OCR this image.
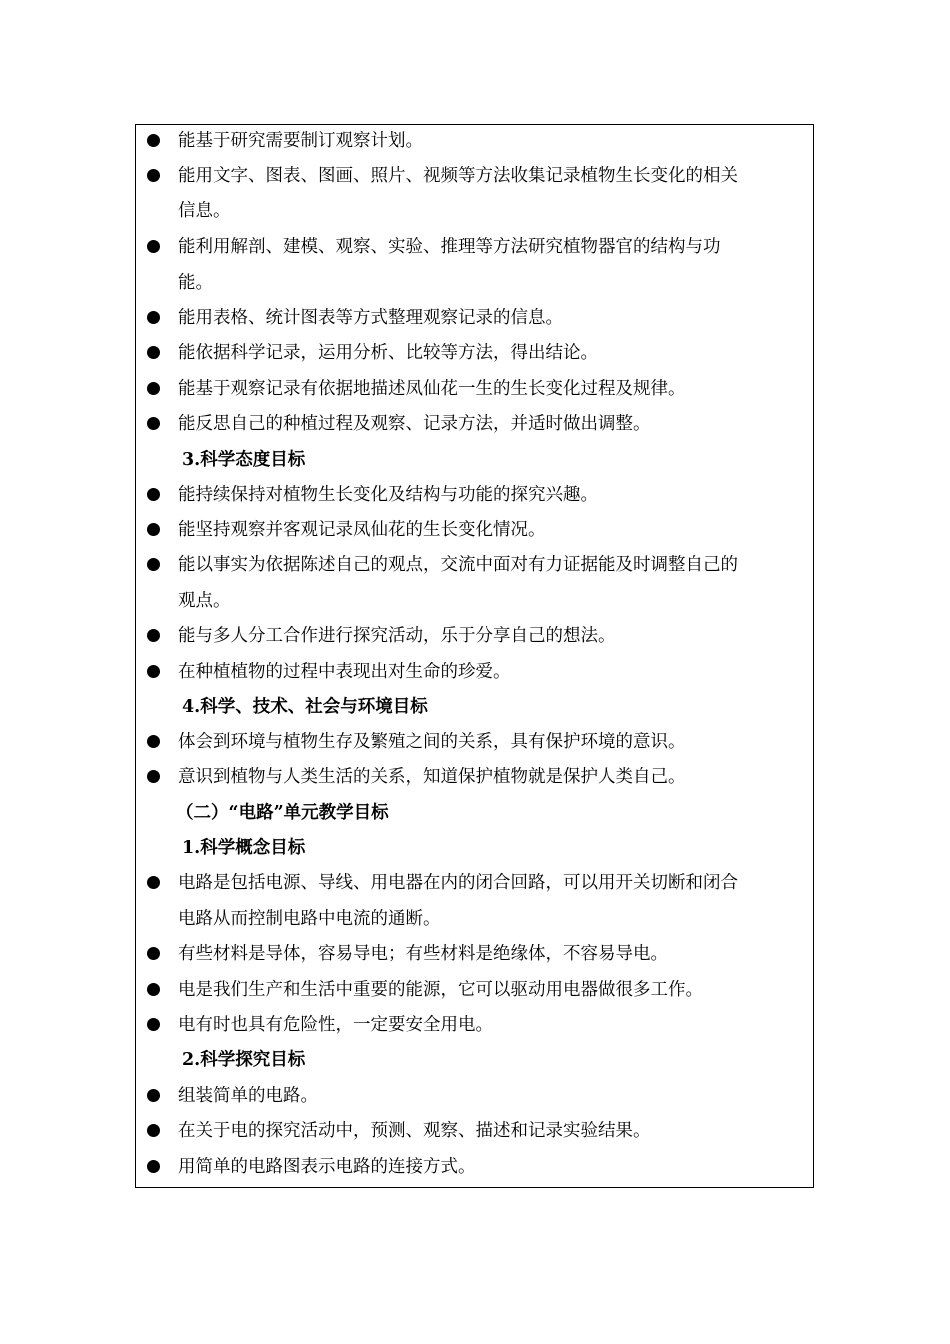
能基于研究需要制订观察计划。
能用文字、图表、图画、照片、视频等方法收集记录植物生长变化的相关
信息。
能利用解剖、建模、观察、实验、推理等方法研究植物器官的结构与功
能。
能用表格、统计图表等方式整理观察记录的信息。
能依据科学记录，运用分析、比较等方法，得出结论。
能基于观察记录有依据地描述凤仙花一生的生长变化过程及规律。
能反思自己的种植过程及观察、记录方法，并适时做出调整。
3.科学态度目标
能持续保持对植物生长变化及结构与功能的探究兴趣。
能坚持观察并客观记录凤仙花的生长变化情况。
能以事实为依据陈述自己的观点，交流中面对有力证据能及时调整自己的
观点。
能与多人分工合作进行探究活动，乐于分享自己的想法。
在种植植物的过程中表现出对生命的珍爱。
4.科学、技术、社会与环境目标
体会到环境与植物生存及繁殖之间的关系，具有保护环境的意识。
意识到植物与人类生活的关系，知道保护植物就是保护人类自己。
（二）“电路”单元教学目标
1.科学概念目标
电路是包括电源、导线、用电器在内的闭合回路，可以用开关切断和闭合
电路从而控制电路中电流的通断。
有些材料是导体，容易导电；有些材料是绝缘体，不容易导电。
电是我们生产和生活中重要的能源，它可以驱动用电器做很多工作。
电有时也具有危险性，一定要安全用电。
2.科学探究目标
组装简单的电路。
在关于电的探究活动中，预测、观察、描述和记录实验结果。
用简单的电路图表示电路的连接方式。
